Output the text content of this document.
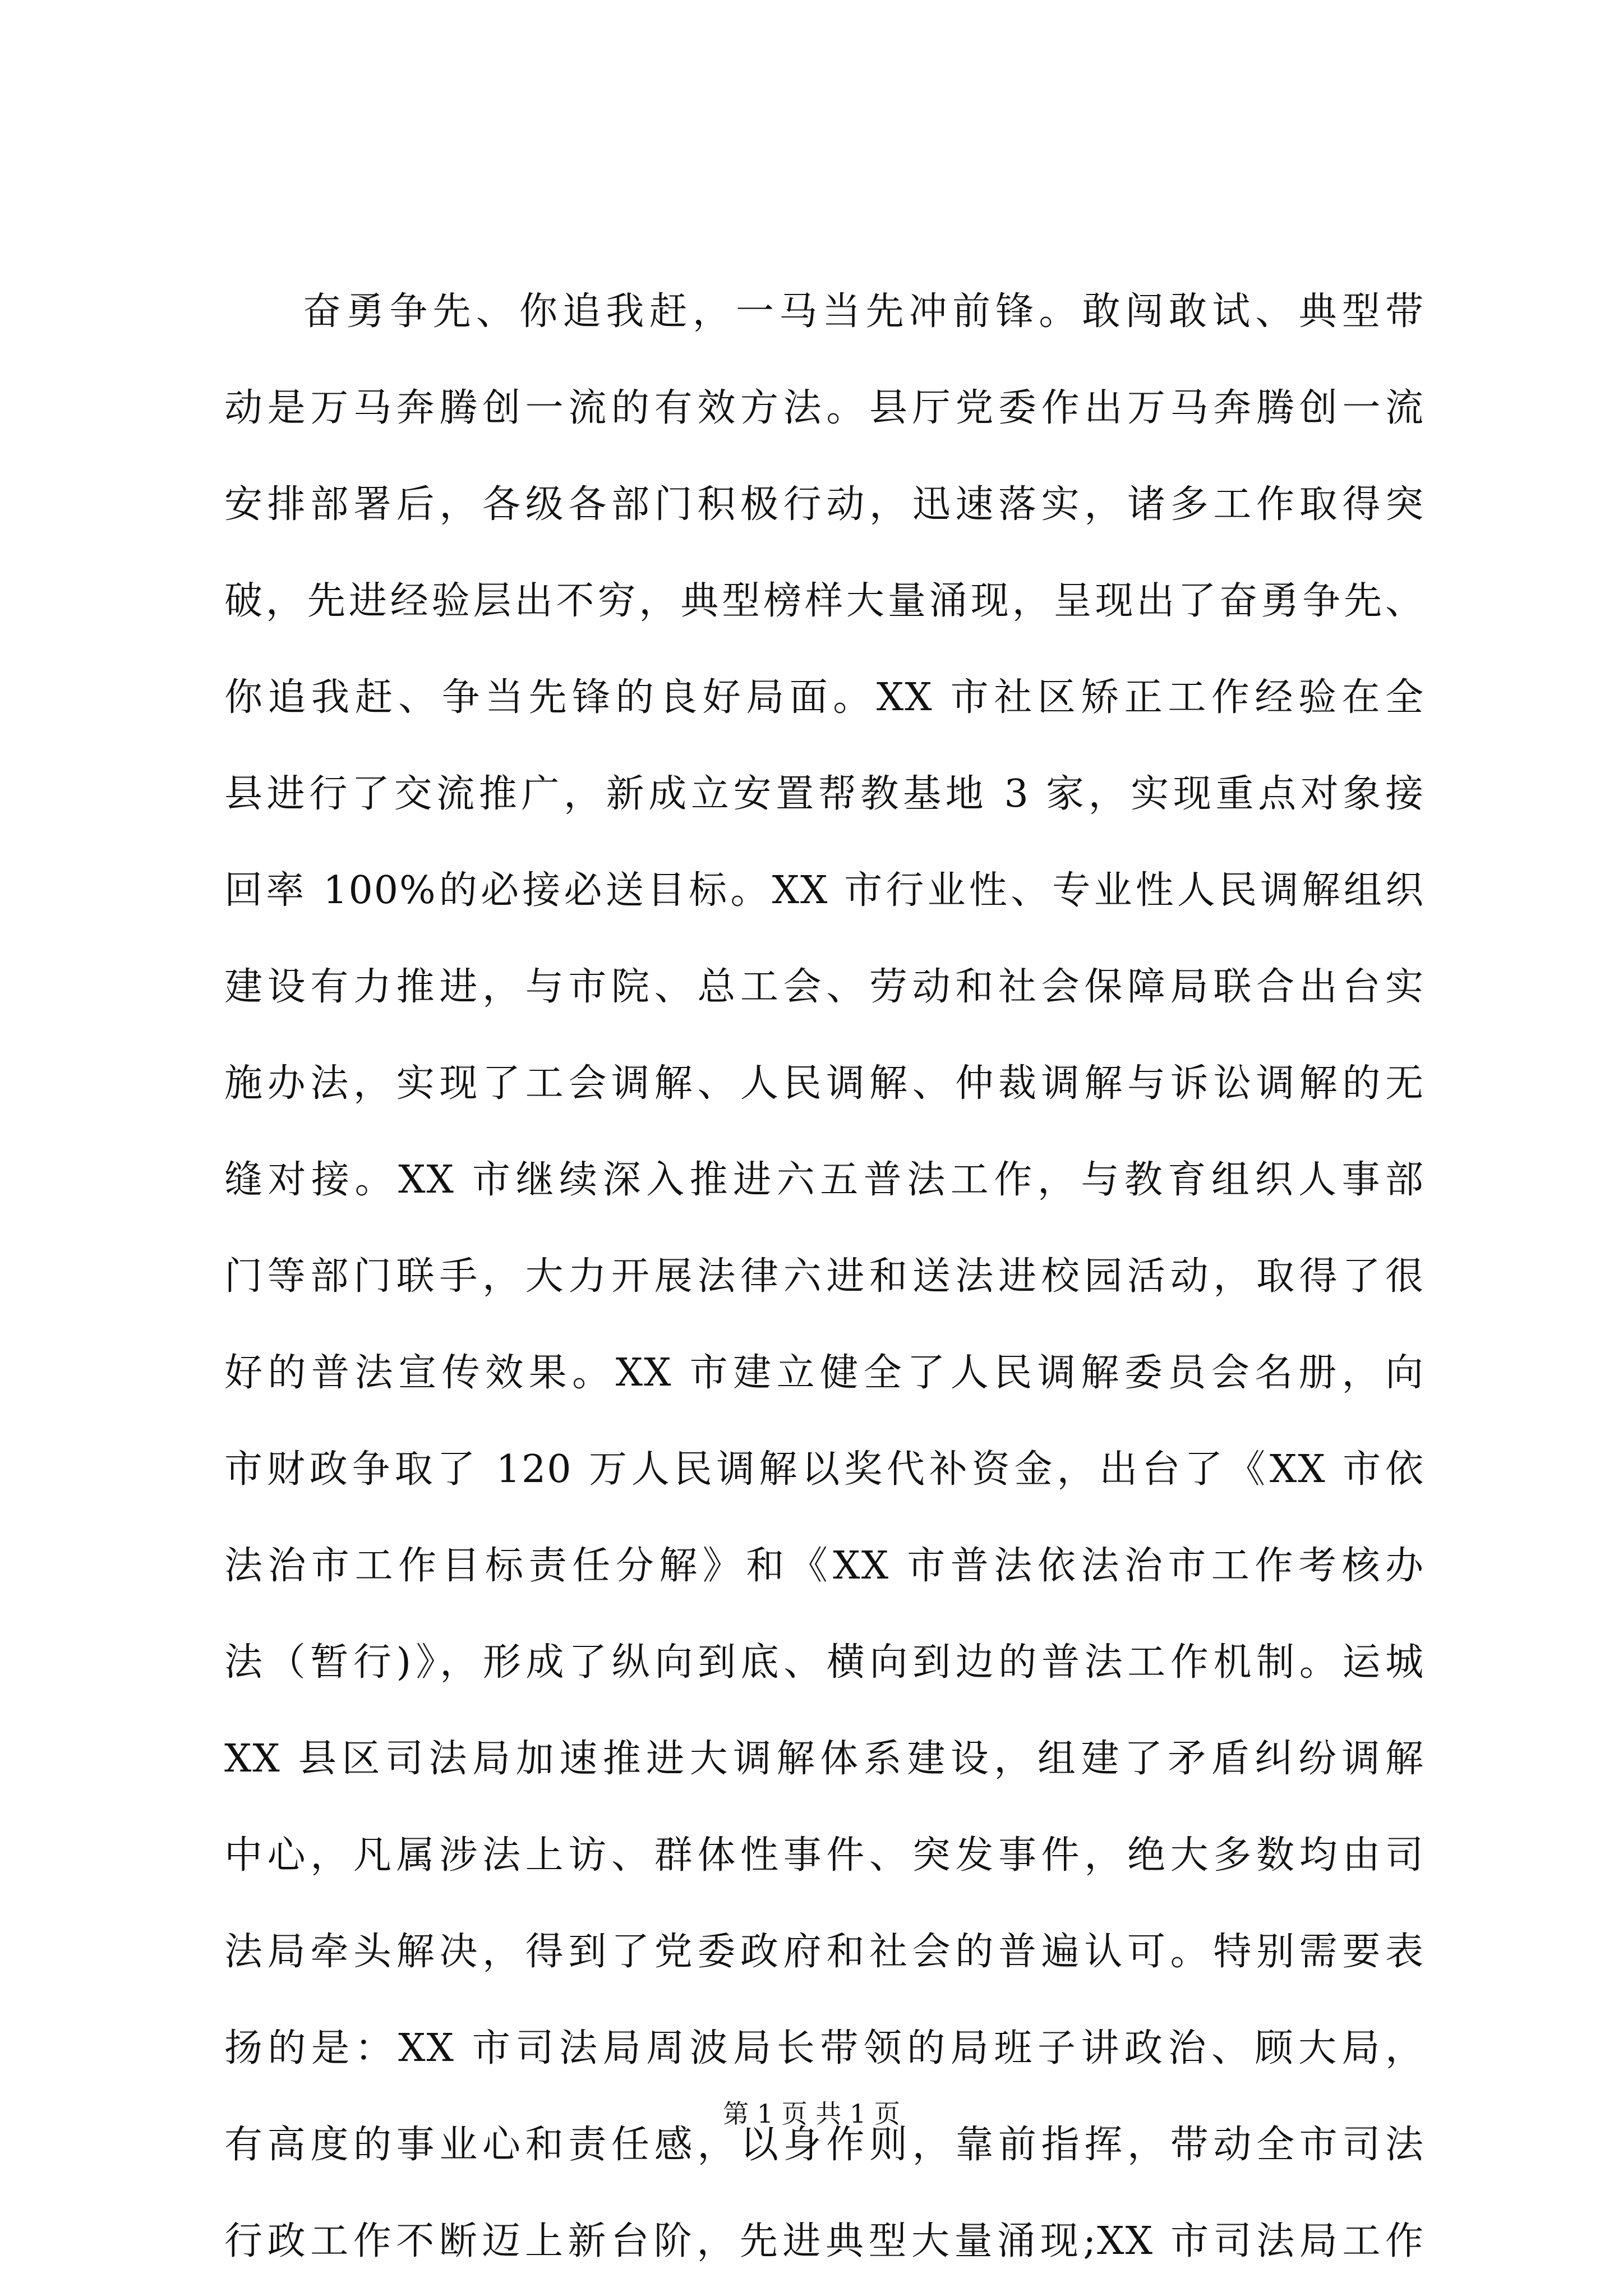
奋勇争先、你追我赶，一马当先冲前锋。敢闯敢试、典型带
动是万马奔腾创一流的有效方法。县厅党委作出万马奔腾创一流
安排部署后，各级各部门积极行动，迅速落实，诸多工作取得突
破，先进经验层出不穷，典型榜样大量涌现，呈现出了奋勇争先、
你追我赶、争当先锋的良好局面。XX 市社区矫正工作经验在全
县进行了交流推广，新成立安置帮教基地 3 家，实现重点对象接
回率 100%的必接必送目标。XX 市行业性、专业性人民调解组织
建设有力推进，与市院、总工会、劳动和社会保障局联合出台实
施办法，实现了工会调解、人民调解、仲裁调解与诉讼调解的无
缝对接。XX 市继续深入推进六五普法工作，与教育组织人事部
门等部门联手，大力开展法律六进和送法进校园活动，取得了很
好的普法宣传效果。XX 市建立健全了人民调解委员会名册，向
市财政争取了 120 万人民调解以奖代补资金，出台了《XX 市依
法治市工作目标责任分解》和《XX 市普法依法治市工作考核办
法（暂行)》，形成了纵向到底、横向到边的普法工作机制。运城
XX 县区司法局加速推进大调解体系建设，组建了矛盾纠纷调解
中心，凡属涉法上访、群体性事件、突发事件，绝大多数均由司
法局牵头解决，得到了党委政府和社会的普遍认可。特别需要表
扬的是：XX 市司法局周波局长带领的局班子讲政治、顾大局，
有高度的事业心和责任感，以身作则，靠前指挥，带动全市司法
行政工作不断迈上新台阶，先进典型大量涌现;XX 市司法局工作
第 1 页 共 1 页
